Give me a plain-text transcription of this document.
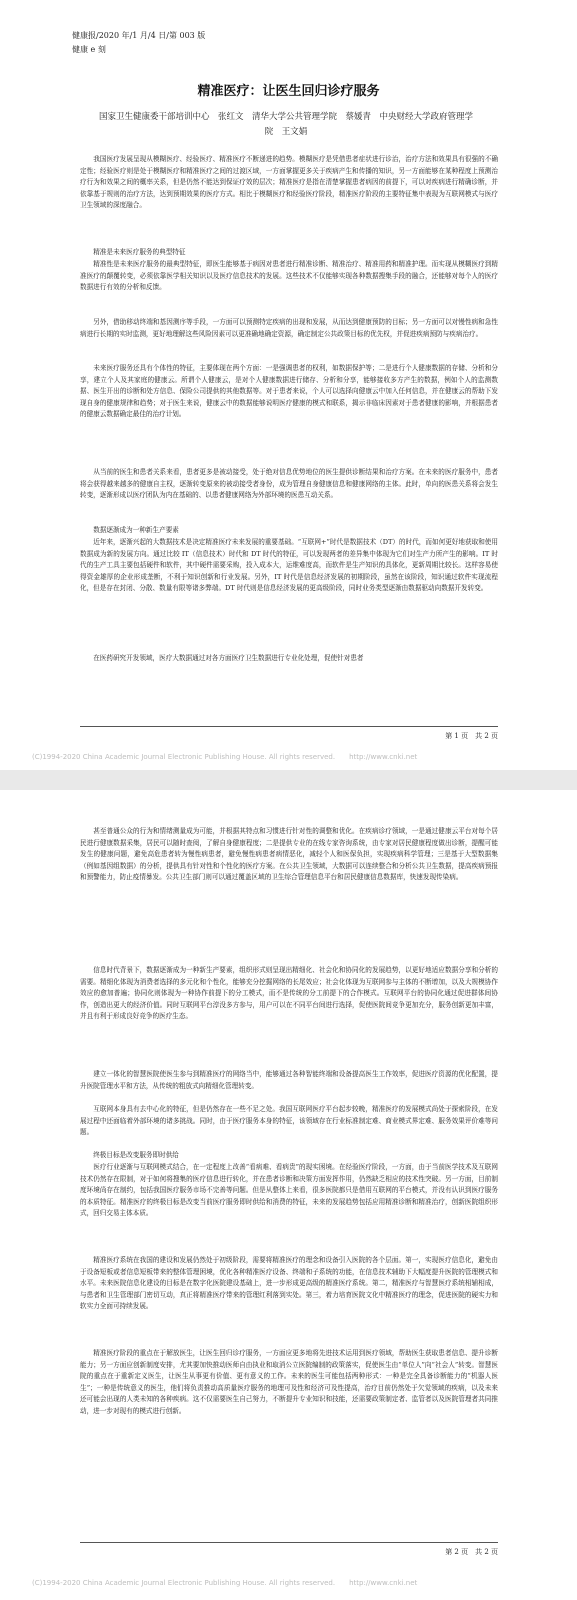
健康报/2020 年/1 月/4 日/第 003 版
健康 e 刻
精准医疗：让医生回归诊疗服务
国家卫生健康委干部培训中心　张红文　清华大学公共管理学院　蔡媛青　中央财经大学政府管理学院　王文娟

我国医疗发展呈现从模糊医疗、经验医疗、精准医疗不断递进的趋势。模糊医疗是凭借患者症状进行诊治，治疗方法和效果具有很强的不确定性；经验医疗则是处于模糊医疗和精准医疗之间的过渡区域，一方面掌握更多关于疾病产生和传播的知识，另一方面能够在某种程度上预测治疗行为和效果之间的概率关系，但是仍然不能达到保证疗效的层次；精准医疗是指在清楚掌握患者病因的前提下，可以对疾病进行精确诊断，并依靠基于规则的治疗方法，达到预期效果的医疗方式。相比于模糊医疗和经验医疗阶段，精准医疗阶段的主要特征集中表现为互联网模式与医疗卫生领域的深度融合。

精准是未来医疗服务的典型特征

精准性是未来医疗服务的最典型特征，即医生能够基于病因对患者进行精准诊断、精准治疗、精准用药和精准护理。而实现从模糊医疗到精准医疗的颠覆转变，必须依靠医学相关知识以及医疗信息技术的发展。这些技术不仅能够实现各种数据搜集手段的融合，还能够对每个人的医疗数据进行有效的分析和反馈。

另外，借助移动终端和基因测序等手段，一方面可以预测特定疾病的出现和发展，从而达到健康预防的目标；另一方面可以对慢性病和急性病进行长期的实时监测，更好地理解这些风险因素可以更准确地确定资源，确定制定公共政策目标的优先权，并促进疾病预防与疾病治疗。

未来医疗服务还具有个体性的特征，主要体现在两个方面：一是强调患者的权利，如数据保护等；二是进行个人健康数据的存储、分析和分享，建立个人及其家庭的健康云。所谓个人健康云，是对个人健康数据进行储存、分析和分享，能够接收多方产生的数据，例如个人的监测数据、医生开出的诊断和处方信息、保险公司提供的其他数据等。对于患者来说，个人可以选择向健康云中加入任何信息，并在健康云的帮助下发现自身的健康规律和趋势；对于医生来说，健康云中的数据能够说明医疗健康的模式和联系，揭示非临床因素对于患者健康的影响，并根据患者的健康云数据确定最佳的治疗计划。

从当前的医生和患者关系来看，患者更多是被动接受，处于绝对信息优势地位的医生提供诊断结果和治疗方案。在未来的医疗服务中，患者将会获得越来越多的健康自主权，逐渐转变原来的被动接受者身份，成为管理自身健康信息和健康网络的主体。此时，单向的医患关系将会发生转变，逐渐形成以医疗团队为内在基础的、以患者健康网络为外部环境的医患互动关系。

数据逐渐成为一种新生产要素

近年来，逐渐兴起的大数据技术是决定精准医疗未来发展的重要基础。“互联网+”时代是数据技术（DT）的时代，而如何更好地获取和使用数据成为新的发展方向。通过比较 IT（信息技术）时代和 DT 时代的特征，可以发现两者的差异集中体现为它们对生产力所产生的影响。IT 时代的生产工具主要包括硬件和软件，其中硬件需要采购，投入成本大，运维难度高，而软件是生产知识的具体化，更新周期比较长。这样容易使得资金雄厚的企业形成垄断，不利于知识创新和行业发展。另外，IT 时代是信息经济发展的初期阶段，虽然在该阶段，知识通过软件实现流程化，但是存在封闭、分散、数量有限等诸多弊端。DT 时代则是信息经济发展的更高级阶段，同时业务类型逐渐由数据驱动向数据开发转变。

在医药研究开发领域，医疗大数据通过对各方面医疗卫生数据进行专业化处理，促使针对患者

第 1 页　共 2 页
(C)1994-2020 China Academic Journal Electronic Publishing House. All rights reserved.　　http://www.cnki.net

甚至普通公众的行为和情绪测量成为可能，并根据其特点和习惯进行针对性的调整和优化。在疾病诊疗领域，一是通过健康云平台对每个居民进行健康数据采集，居民可以随时查阅，了解自身健康程度；二是提供专业的在线专家咨询系统，由专家对居民健康程度做出诊断，提醒可能发生的健康问题，避免高危患者转为慢性病患者，避免慢性病患者病情恶化，减轻个人和医保负担，实现疾病科学管理；三是基于大型数据集（例如基因组数据）的分析，提供具有针对性和个性化的医疗方案。在公共卫生领域，大数据可以连续整合和分析公共卫生数据，提高疾病预报和预警能力，防止疫情暴发。公共卫生部门则可以通过覆盖区域的卫生综合管理信息平台和居民健康信息数据库，快速发现传染病。

信息时代背景下，数据逐渐成为一种新生产要素，组织形式则呈现出精细化、社会化和协同化的发展趋势，以更好地适应数据分享和分析的需要。精细化体现为消费者选择的多元化和个性化，能够充分挖掘网络的长尾效应；社会化体现为互联网参与主体的不断增加，以及大规模协作效应的愈加普遍；协同化则体现为一种协作前提下的分工模式，而不是传统的分工前提下的合作模式。互联网平台的协同化通过促进群体间协作，创造出更大的经济价值。同时互联网平台淳没多方参与，用户可以在不同平台间进行选择，促使医院间竞争更加充分，服务创新更加丰富，并且有利于形成良好竞争的医疗生态。

建立一体化的智慧医院使医生参与到精准医疗的网络当中，能够通过各种智能终端和设备提高医生工作效率，促进医疗资源的优化配置，提升医院管理水平和方法，从传统的粗放式向精细化管理转变。

互联网本身具有去中心化的特征，但是仍然存在一些不足之处。我国互联网医疗平台起步较晚，精准医疗的发展模式尚处于探索阶段，在发展过程中还面临着外部环境的诸多挑战。同时，由于医疗服务本身的特征，该领域存在行业标准制定难、商业模式界定难、服务效果评价难等问题。

终极目标是改变服务即时供给

医疗行业逐渐与互联网模式结合，在一定程度上改善“看病难、看病贵”的现实困境。在经验医疗阶段，一方面，由于当前医学技术及互联网技术仍然存在限制，对于如何将搜集的医疗信息进行转化，并在患者诊断和决策方面发挥作用，仍然缺乏相应的技术性突破。另一方面，目前制度环境尚存在制约，包括我国医疗服务市场不完善等问题。但是从整体上来看，很多医院都只是借用互联网的平台模式，并没有认识到医疗服务的本质特征。精准医疗的终极目标是改变当前医疗服务即时供给和消费的特征，未来的发展趋势包括应用精准诊断和精准治疗，创新医院组织形式，回归交易主体本质。

精准医疗系统在我国的建设和发展仍然处于初级阶段，需要将精准医疗的理念和设备引入医院的各个层面。第一，实现医疗信息化，避免由于设备短板或者信息短板带来的整体管理困境，优化各种精准医疗设备、终端和子系统的功能，在信息技术辅助下大幅度提升医院的管理模式和水平。未来医院信息化建设的目标是在数字化医院建设基础上，进一步形成更高级的精准医疗系统。第二，精准医疗与智慧医疗系统相辅相成，与患者和卫生管理部门密切互动，真正将精准医疗带来的管理红利落到实处。第三，着力培育医院文化中精准医疗的理念，促进医院的硬实力和软实力全面可持续发展。

精准医疗阶段的重点在于解放医生，让医生回归诊疗服务，一方面应更多地将先进技术运用到医疗领域，帮助医生获取患者信息、提升诊断能力；另一方面应创新制度安排，尤其要加快推动医师自由执业和取消公立医院编制的政策落实，促使医生由“单位人”向“社会人”转变。智慧医院的重点在于重新定义医生，让医生从事更有价值、更有意义的工作。未来的医生可能包括两种形式：一种是完全具备诊断能力的“机器人医生”；一种是传统意义的医生，他们将负责推动高质量医疗服务的地理可及性和经济可及性提高，治疗目前仍然处于欠觉领域的疾病，以及未来还可能会出现的人类未知的各种疾病。这不仅需要医生自己努力，不断提升专业知识和技能，还需要政策制定者、监管者以及医院管理者共同推动，进一步对现有的模式进行创新。

第 2 页　共 2 页
(C)1994-2020 China Academic Journal Electronic Publishing House. All rights reserved.　　http://www.cnki.net
